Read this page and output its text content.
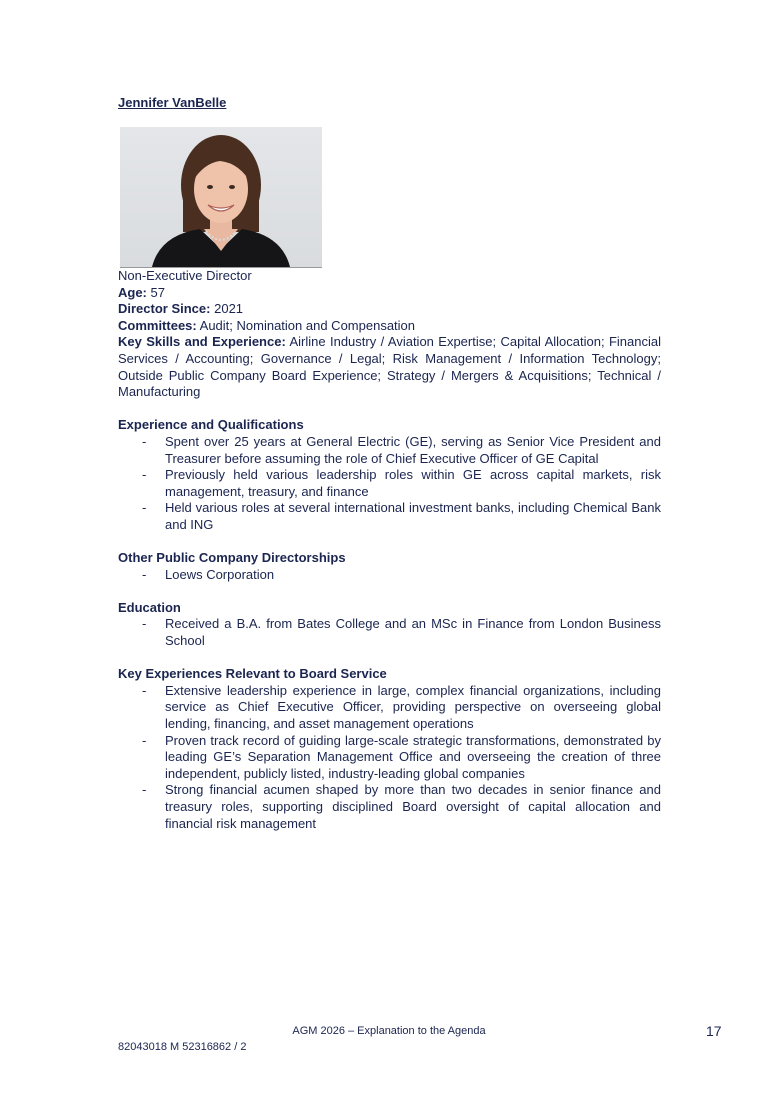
Jennifer VanBelle

Non-Executive Director

Age: 57

Director Since: 2021

Committees: Audit; Nomination and Compensation

Key Skills and Experience: Airline Industry / Aviation Expertise; Capital Allocation; Financial Services / Accounting; Governance / Legal; Risk Management / Information Technology; Outside Public Company Board Experience; Strategy / Mergers & Acquisitions; Technical / Manufacturing

Experience and Qualifications

- Spent over 25 years at General Electric (GE), serving as Senior Vice President and Treasurer before assuming the role of Chief Executive Officer of GE Capital
- Previously held various leadership roles within GE across capital markets, risk management, treasury, and finance
- Held various roles at several international investment banks, including Chemical Bank and ING

Other Public Company Directorships

- Loews Corporation

Education

- Received a B.A. from Bates College and an MSc in Finance from London Business School

Key Experiences Relevant to Board Service

- Extensive leadership experience in large, complex financial organizations, including service as Chief Executive Officer, providing perspective on overseeing global lending, financing, and asset management operations
- Proven track record of guiding large-scale strategic transformations, demonstrated by leading GE’s Separation Management Office and overseeing the creation of three independent, publicly listed, industry-leading global companies
- Strong financial acumen shaped by more than two decades in senior finance and treasury roles, supporting disciplined Board oversight of capital allocation and financial risk management
AGM 2026 – Explanation to the Agenda	17
82043018 M 52316862 / 2
